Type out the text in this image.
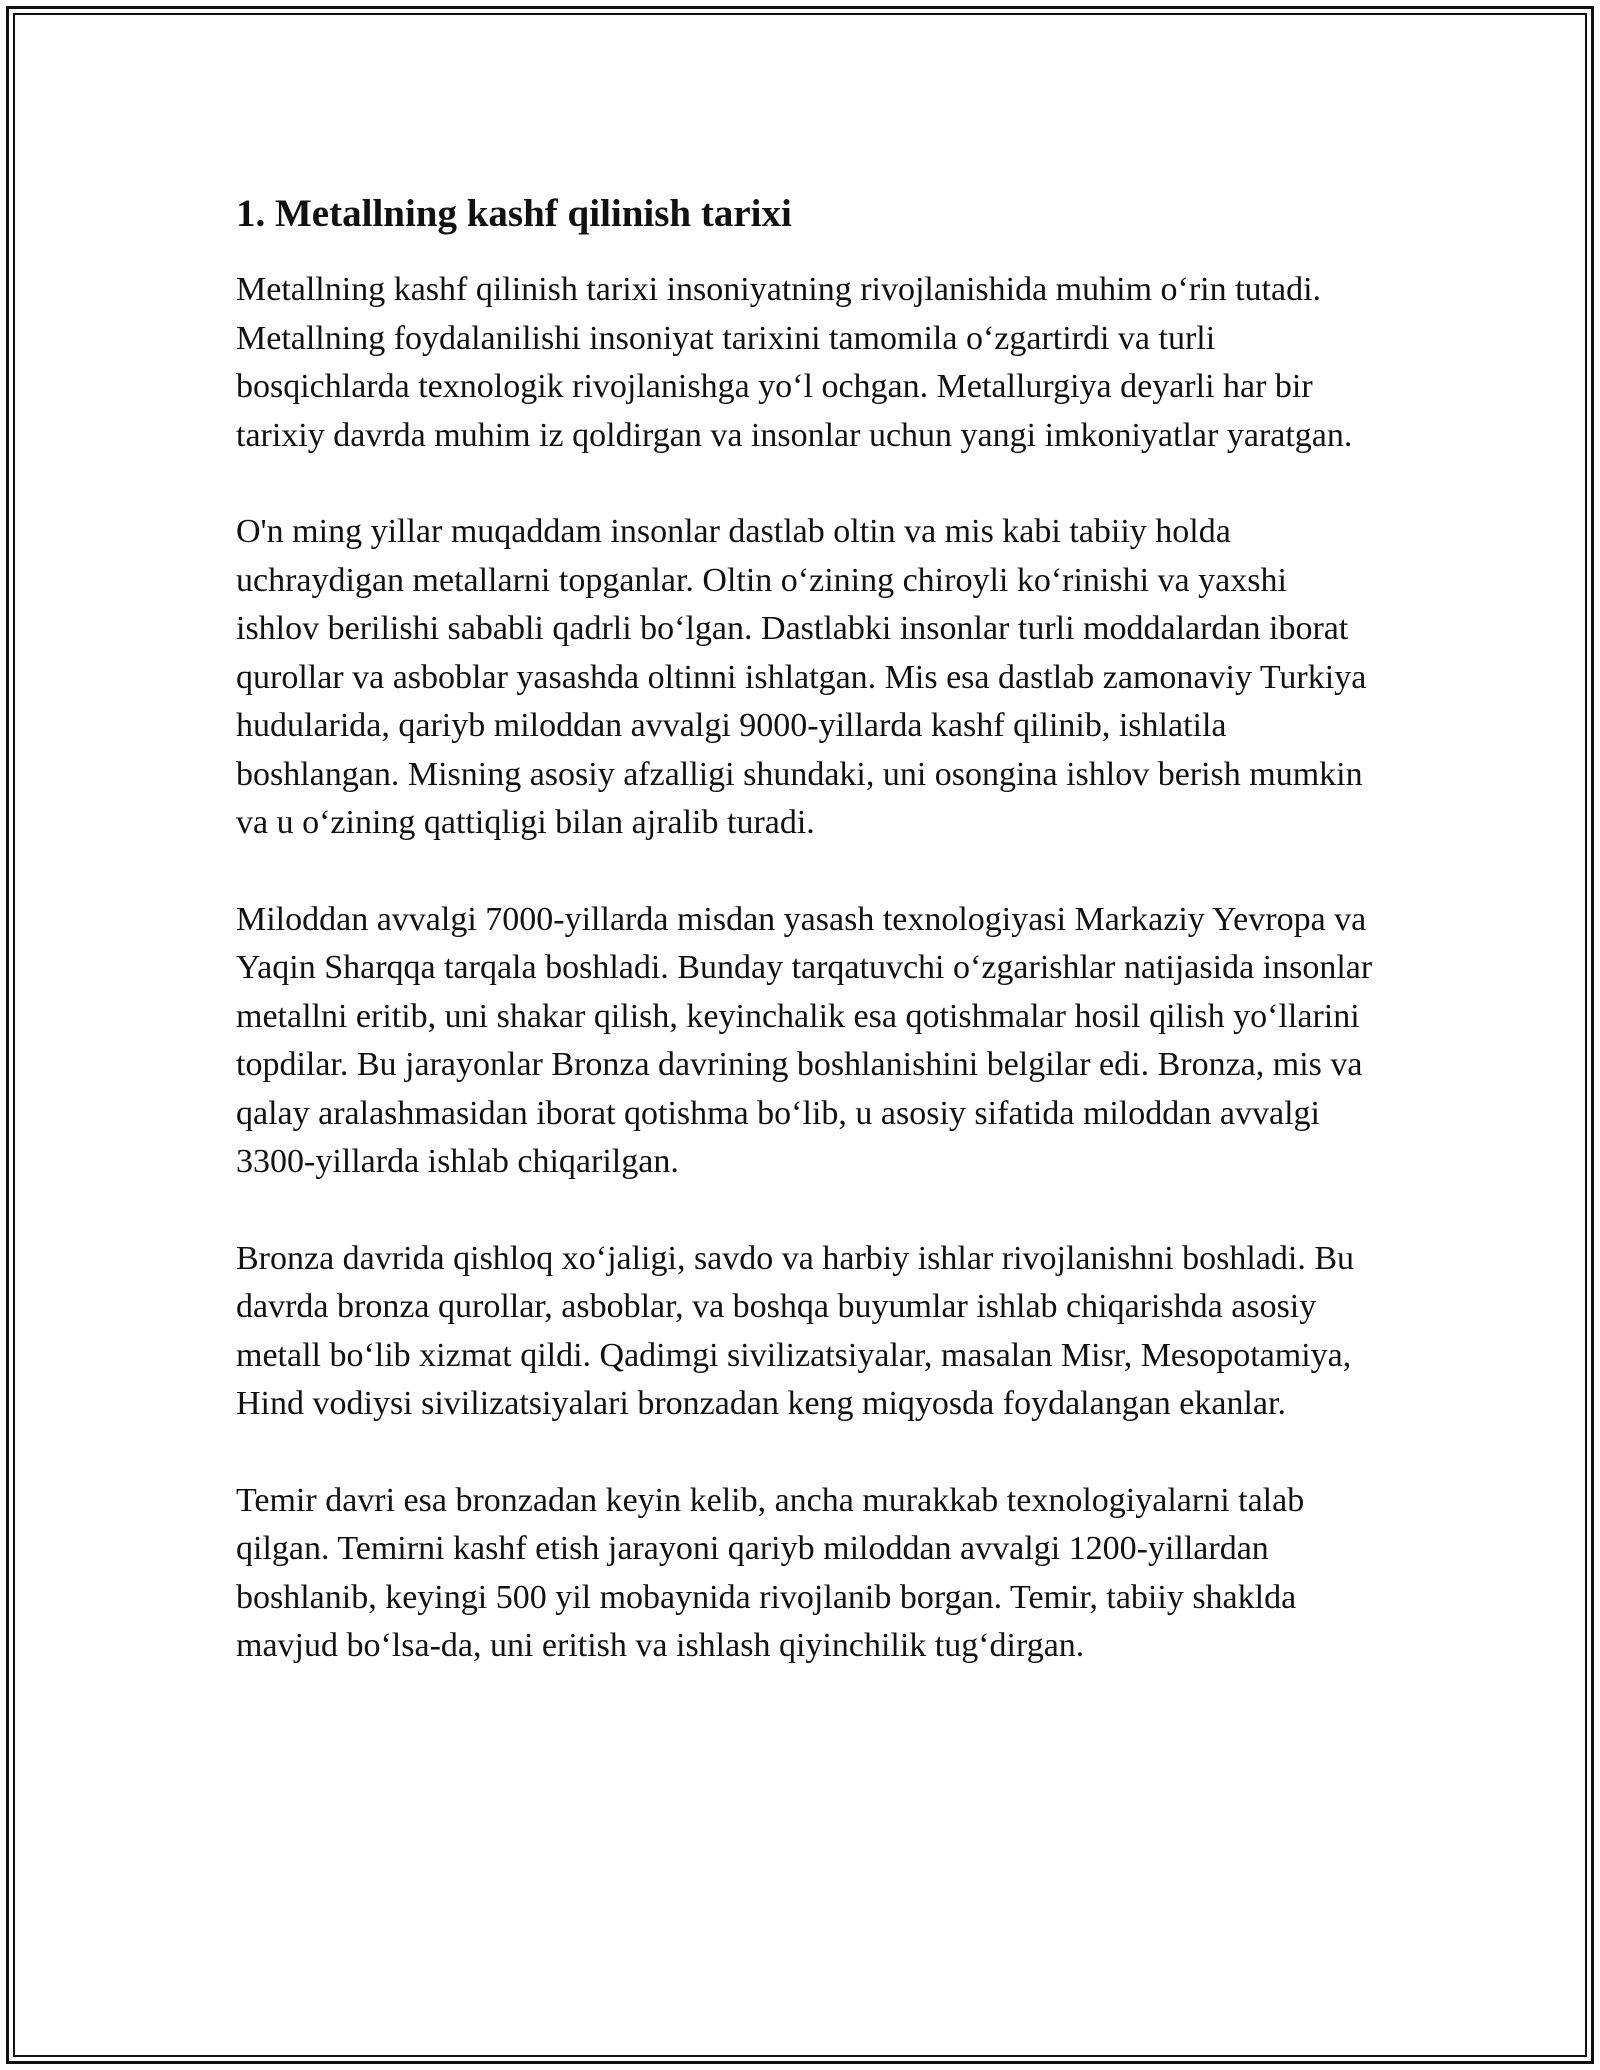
1. Metallning kashf qilinish tarixi

Metallning kashf qilinish tarixi insoniyatning rivojlanishida muhim oʻrin tutadi. Metallning foydalanilishi insoniyat tarixini tamomila oʻzgartirdi va turli bosqichlarda texnologik rivojlanishga yoʻl ochgan. Metallurgiya deyarli har bir tarixiy davrda muhim iz qoldirgan va insonlar uchun yangi imkoniyatlar yaratgan.

O'n ming yillar muqaddam insonlar dastlab oltin va mis kabi tabiiy holda uchraydigan metallarni topganlar. Oltin oʻzining chiroyli koʻrinishi va yaxshi ishlov berilishi sababli qadrli boʻlgan. Dastlabki insonlar turli moddalardan iborat qurollar va asboblar yasashda oltinni ishlatgan. Mis esa dastlab zamonaviy Turkiya hudularida, qariyb miloddan avvalgi 9000-yillarda kashf qilinib, ishlatila boshlangan. Misning asosiy afzalligi shundaki, uni osongina ishlov berish mumkin va u oʻzining qattiqligi bilan ajralib turadi.

Miloddan avvalgi 7000-yillarda misdan yasash texnologiyasi Markaziy Yevropa va Yaqin Sharqqa tarqala boshladi. Bunday tarqatuvchi oʻzgarishlar natijasida insonlar metallni eritib, uni shakar qilish, keyinchalik esa qotishmalar hosil qilish yoʻllarini topdilar. Bu jarayonlar Bronza davrining boshlanishini belgilar edi. Bronza, mis va qalay aralashmasidan iborat qotishma boʻlib, u asosiy sifatida miloddan avvalgi 3300-yillarda ishlab chiqarilgan.

Bronza davrida qishloq xoʻjaligi, savdo va harbiy ishlar rivojlanishni boshladi. Bu davrda bronza qurollar, asboblar, va boshqa buyumlar ishlab chiqarishda asosiy metall boʻlib xizmat qildi. Qadimgi sivilizatsiyalar, masalan Misr, Mesopotamiya, Hind vodiysi sivilizatsiyalari bronzadan keng miqyosda foydalangan ekanlar.

Temir davri esa bronzadan keyin kelib, ancha murakkab texnologiyalarni talab qilgan. Temirni kashf etish jarayoni qariyb miloddan avvalgi 1200-yillardan boshlanib, keyingi 500 yil mobaynida rivojlanib borgan. Temir, tabiiy shaklda mavjud boʻlsa-da, uni eritish va ishlash qiyinchilik tugʻdirgan.
